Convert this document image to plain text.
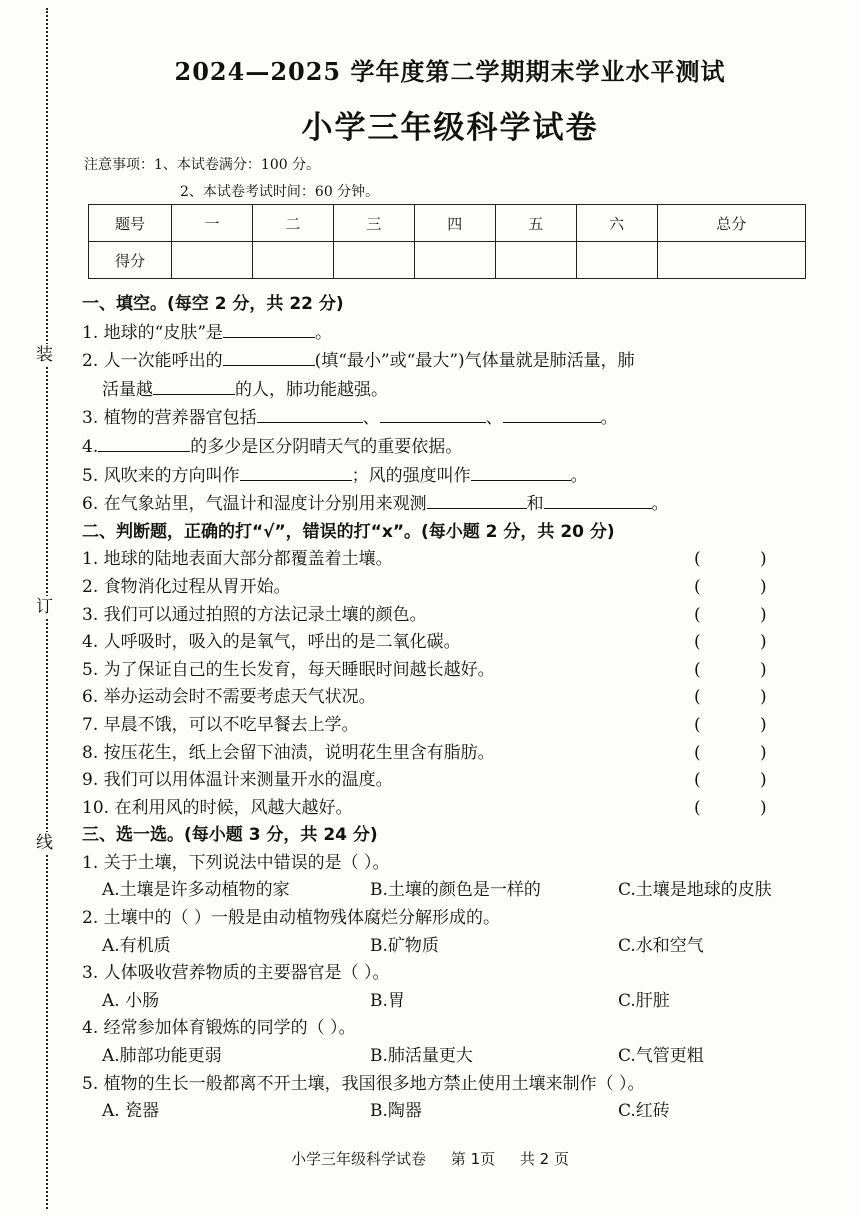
装
订
线
2024—2025 学年度第二学期期末学业水平测试
小学三年级科学试卷
注意事项：1、本试卷满分：100 分。
2、本试卷考试时间：60 分钟。
题号	一	二	三	四	五	六	总分
得分							
一、填空。(每空 2 分，共 22 分)
1. 地球的“皮肤”是	。
2. 人一次能呼出的	(填“最小”或“最大”)气体量就是肺活量，肺
活量越	的人，肺功能越强。
3. 植物的营养器官包括	、	、	。
4.	的多少是区分阴晴天气的重要依据。
5. 风吹来的方向叫作	；风的强度叫作	。
6. 在气象站里，气温计和湿度计分别用来观测	和	。
二、判断题，正确的打“√”，错误的打“x”。(每小题 2 分，共 20 分)
1. 地球的陆地表面大部分都覆盖着土壤。	(	)
2. 食物消化过程从胃开始。	(	)
3. 我们可以通过拍照的方法记录土壤的颜色。	(	)
4. 人呼吸时，吸入的是氧气，呼出的是二氧化碳。	(	)
5. 为了保证自己的生长发育，每天睡眠时间越长越好。	(	)
6. 举办运动会时不需要考虑天气状况。	(	)
7. 早晨不饿，可以不吃早餐去上学。	(	)
8. 按压花生，纸上会留下油渍，说明花生里含有脂肪。	(	)
9. 我们可以用体温计来测量开水的温度。	(	)
10. 在利用风的时候，风越大越好。	(	)
三、选一选。(每小题 3 分，共 24 分)
1. 关于土壤，下列说法中错误的是（ ）。
A.土壤是许多动植物的家	B.土壤的颜色是一样的	C.土壤是地球的皮肤
2. 土壤中的（ ）一般是由动植物残体腐烂分解形成的。
A.有机质	B.矿物质	C.水和空气
3. 人体吸收营养物质的主要器官是（ ）。
A. 小肠	B.胃	C.肝脏
4. 经常参加体育锻炼的同学的（ ）。
A.肺部功能更弱	B.肺活量更大	C.气管更粗
5. 植物的生长一般都离不开土壤，我国很多地方禁止使用土壤来制作（ ）。
A. 瓷器	B.陶器	C.红砖
小学三年级科学试卷 第 1页 共 2 页
